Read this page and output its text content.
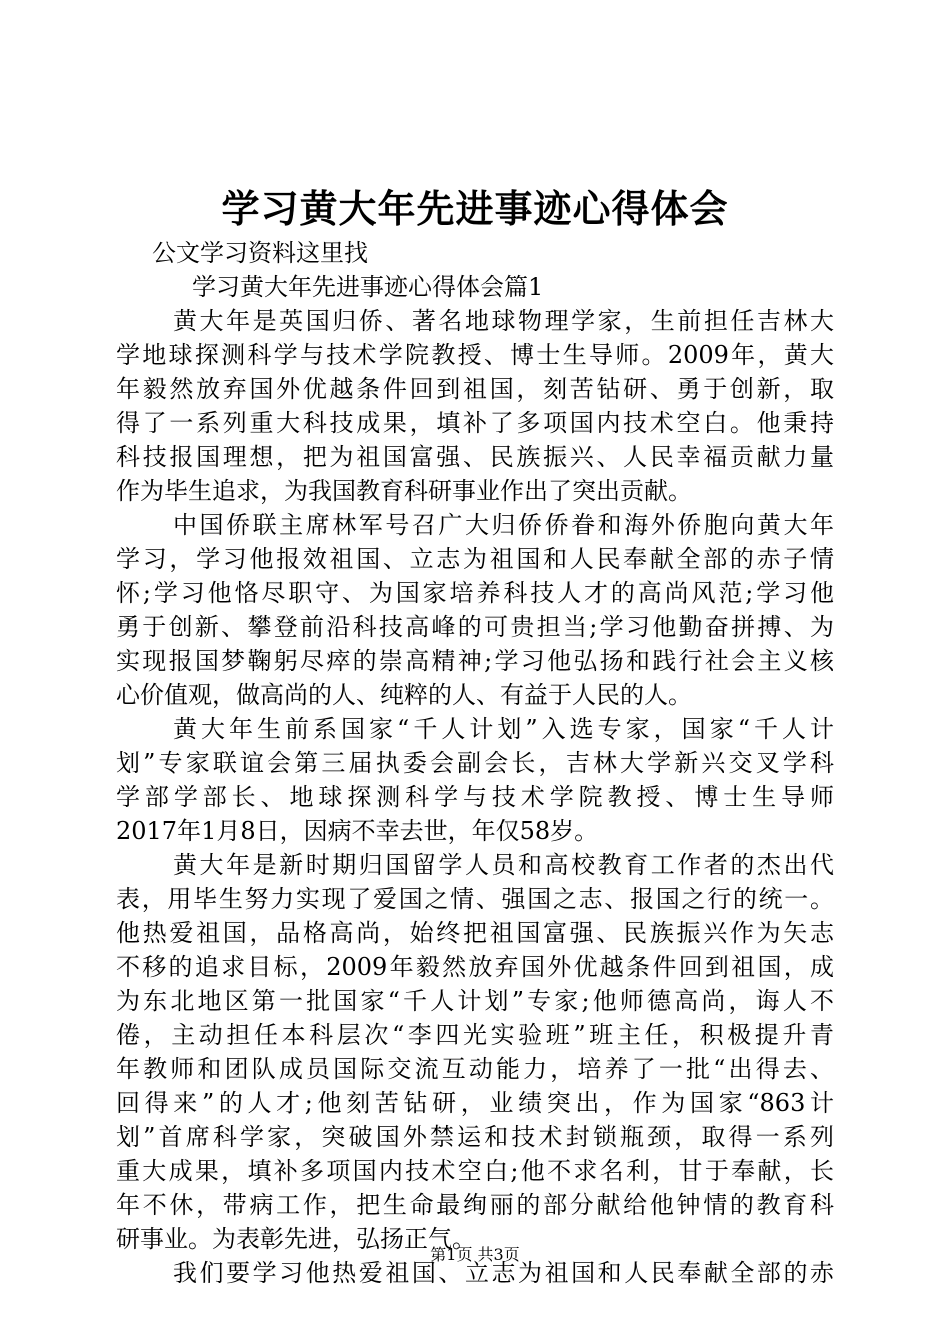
学习黄大年先进事迹心得体会
公文学习资料这里找
学习黄大年先进事迹心得体会篇1
黄大年是英国归侨、著名地球物理学家，生前担任吉林大
学地球探测科学与技术学院教授、博士生导师。2009年，黄大
年毅然放弃国外优越条件回到祖国，刻苦钻研、勇于创新，取
得了一系列重大科技成果，填补了多项国内技术空白。他秉持
科技报国理想，把为祖国富强、民族振兴、人民幸福贡献力量
作为毕生追求，为我国教育科研事业作出了突出贡献。
中国侨联主席林军号召广大归侨侨眷和海外侨胞向黄大年
学习，学习他报效祖国、立志为祖国和人民奉献全部的赤子情
怀;学习他恪尽职守、为国家培养科技人才的高尚风范;学习他
勇于创新、攀登前沿科技高峰的可贵担当;学习他勤奋拼搏、为
实现报国梦鞠躬尽瘁的崇高精神;学习他弘扬和践行社会主义核
心价值观，做高尚的人、纯粹的人、有益于人民的人。
黄大年生前系国家“千人计划”入选专家，国家“千人计
划”专家联谊会第三届执委会副会长，吉林大学新兴交叉学科
学部学部长、地球探测科学与技术学院教授、博士生导师
2017年1月8日，因病不幸去世，年仅58岁。
黄大年是新时期归国留学人员和高校教育工作者的杰出代
表，用毕生努力实现了爱国之情、强国之志、报国之行的统一。
他热爱祖国，品格高尚，始终把祖国富强、民族振兴作为矢志
不移的追求目标，2009年毅然放弃国外优越条件回到祖国，成
为东北地区第一批国家“千人计划”专家;他师德高尚，诲人不
倦，主动担任本科层次“李四光实验班”班主任，积极提升青
年教师和团队成员国际交流互动能力，培养了一批“出得去、
回得来”的人才;他刻苦钻研，业绩突出，作为国家“863计
划”首席科学家，突破国外禁运和技术封锁瓶颈，取得一系列
重大成果，填补多项国内技术空白;他不求名利，甘于奉献，长
年不休，带病工作，把生命最绚丽的部分献给他钟情的教育科
研事业。为表彰先进，弘扬正气。
我们要学习他热爱祖国、立志为祖国和人民奉献全部的赤
第1页 共3页
